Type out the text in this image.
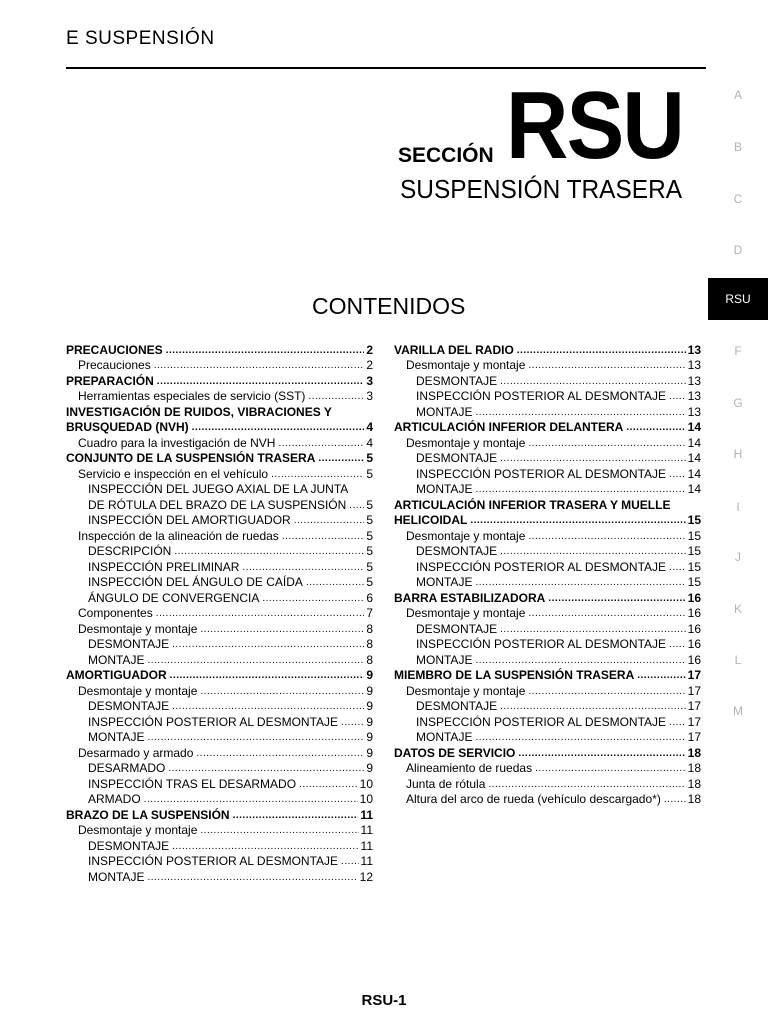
E SUSPENSIÓN
SECCIÓN RSU
SUSPENSIÓN TRASERA
CONTENIDOS
A
B
C
D
RSU
F
G
H
I
J
K
L
M
PRECAUCIONES .....	2
Precauciones .....	2
PREPARACIÓN .....	3
Herramientas especiales de servicio (SST) .....	3
INVESTIGACIÓN DE RUIDOS, VIBRACIONES Y
BRUSQUEDAD (NVH) .....	4
Cuadro para la investigación de NVH .....	4
CONJUNTO DE LA SUSPENSIÓN TRASERA .....	5
Servicio e inspección en el vehículo .....	5
INSPECCIÓN DEL JUEGO AXIAL DE LA JUNTA
DE RÓTULA DEL BRAZO DE LA SUSPENSIÓN ..... 5
INSPECCIÓN DEL AMORTIGUADOR .....	5
Inspección de la alineación de ruedas .....	5
DESCRIPCIÓN .....	5
INSPECCIÓN PRELIMINAR .....	5
INSPECCIÓN DEL ÁNGULO DE CAÍDA .....	5
ÁNGULO DE CONVERGENCIA .....	6
Componentes .....	7
Desmontaje y montaje .....	8
DESMONTAJE .....	8
MONTAJE .....	8
AMORTIGUADOR .....	9
Desmontaje y montaje .....	9
DESMONTAJE .....	9
INSPECCIÓN POSTERIOR AL DESMONTAJE ..... 9
MONTAJE .....	9
Desarmado y armado .....	9
DESARMADO .....	9
INSPECCIÓN TRAS EL DESARMADO .....	10
ARMADO .....	10
BRAZO DE LA SUSPENSIÓN .....	11
Desmontaje y montaje .....	11
DESMONTAJE .....	11
INSPECCIÓN POSTERIOR AL DESMONTAJE ..... 11
MONTAJE .....	12
VARILLA DEL RADIO .....	13
Desmontaje y montaje .....	13
DESMONTAJE .....	13
INSPECCIÓN POSTERIOR AL DESMONTAJE ..... 13
MONTAJE .....	13
ARTICULACIÓN INFERIOR DELANTERA .....	14
Desmontaje y montaje .....	14
DESMONTAJE .....	14
INSPECCIÓN POSTERIOR AL DESMONTAJE ..... 14
MONTAJE .....	14
ARTICULACIÓN INFERIOR TRASERA Y MUELLE
HELICOIDAL .....	15
Desmontaje y montaje .....	15
DESMONTAJE .....	15
INSPECCIÓN POSTERIOR AL DESMONTAJE ..... 15
MONTAJE .....	15
BARRA ESTABILIZADORA .....	16
Desmontaje y montaje .....	16
DESMONTAJE .....	16
INSPECCIÓN POSTERIOR AL DESMONTAJE ..... 16
MONTAJE .....	16
MIEMBRO DE LA SUSPENSIÓN TRASERA .....	17
Desmontaje y montaje .....	17
DESMONTAJE .....	17
INSPECCIÓN POSTERIOR AL DESMONTAJE ..... 17
MONTAJE .....	17
DATOS DE SERVICIO .....	18
Alineamiento de ruedas .....	18
Junta de rótula .....	18
Altura del arco de rueda (vehículo descargado*) ..... 18
RSU-1
